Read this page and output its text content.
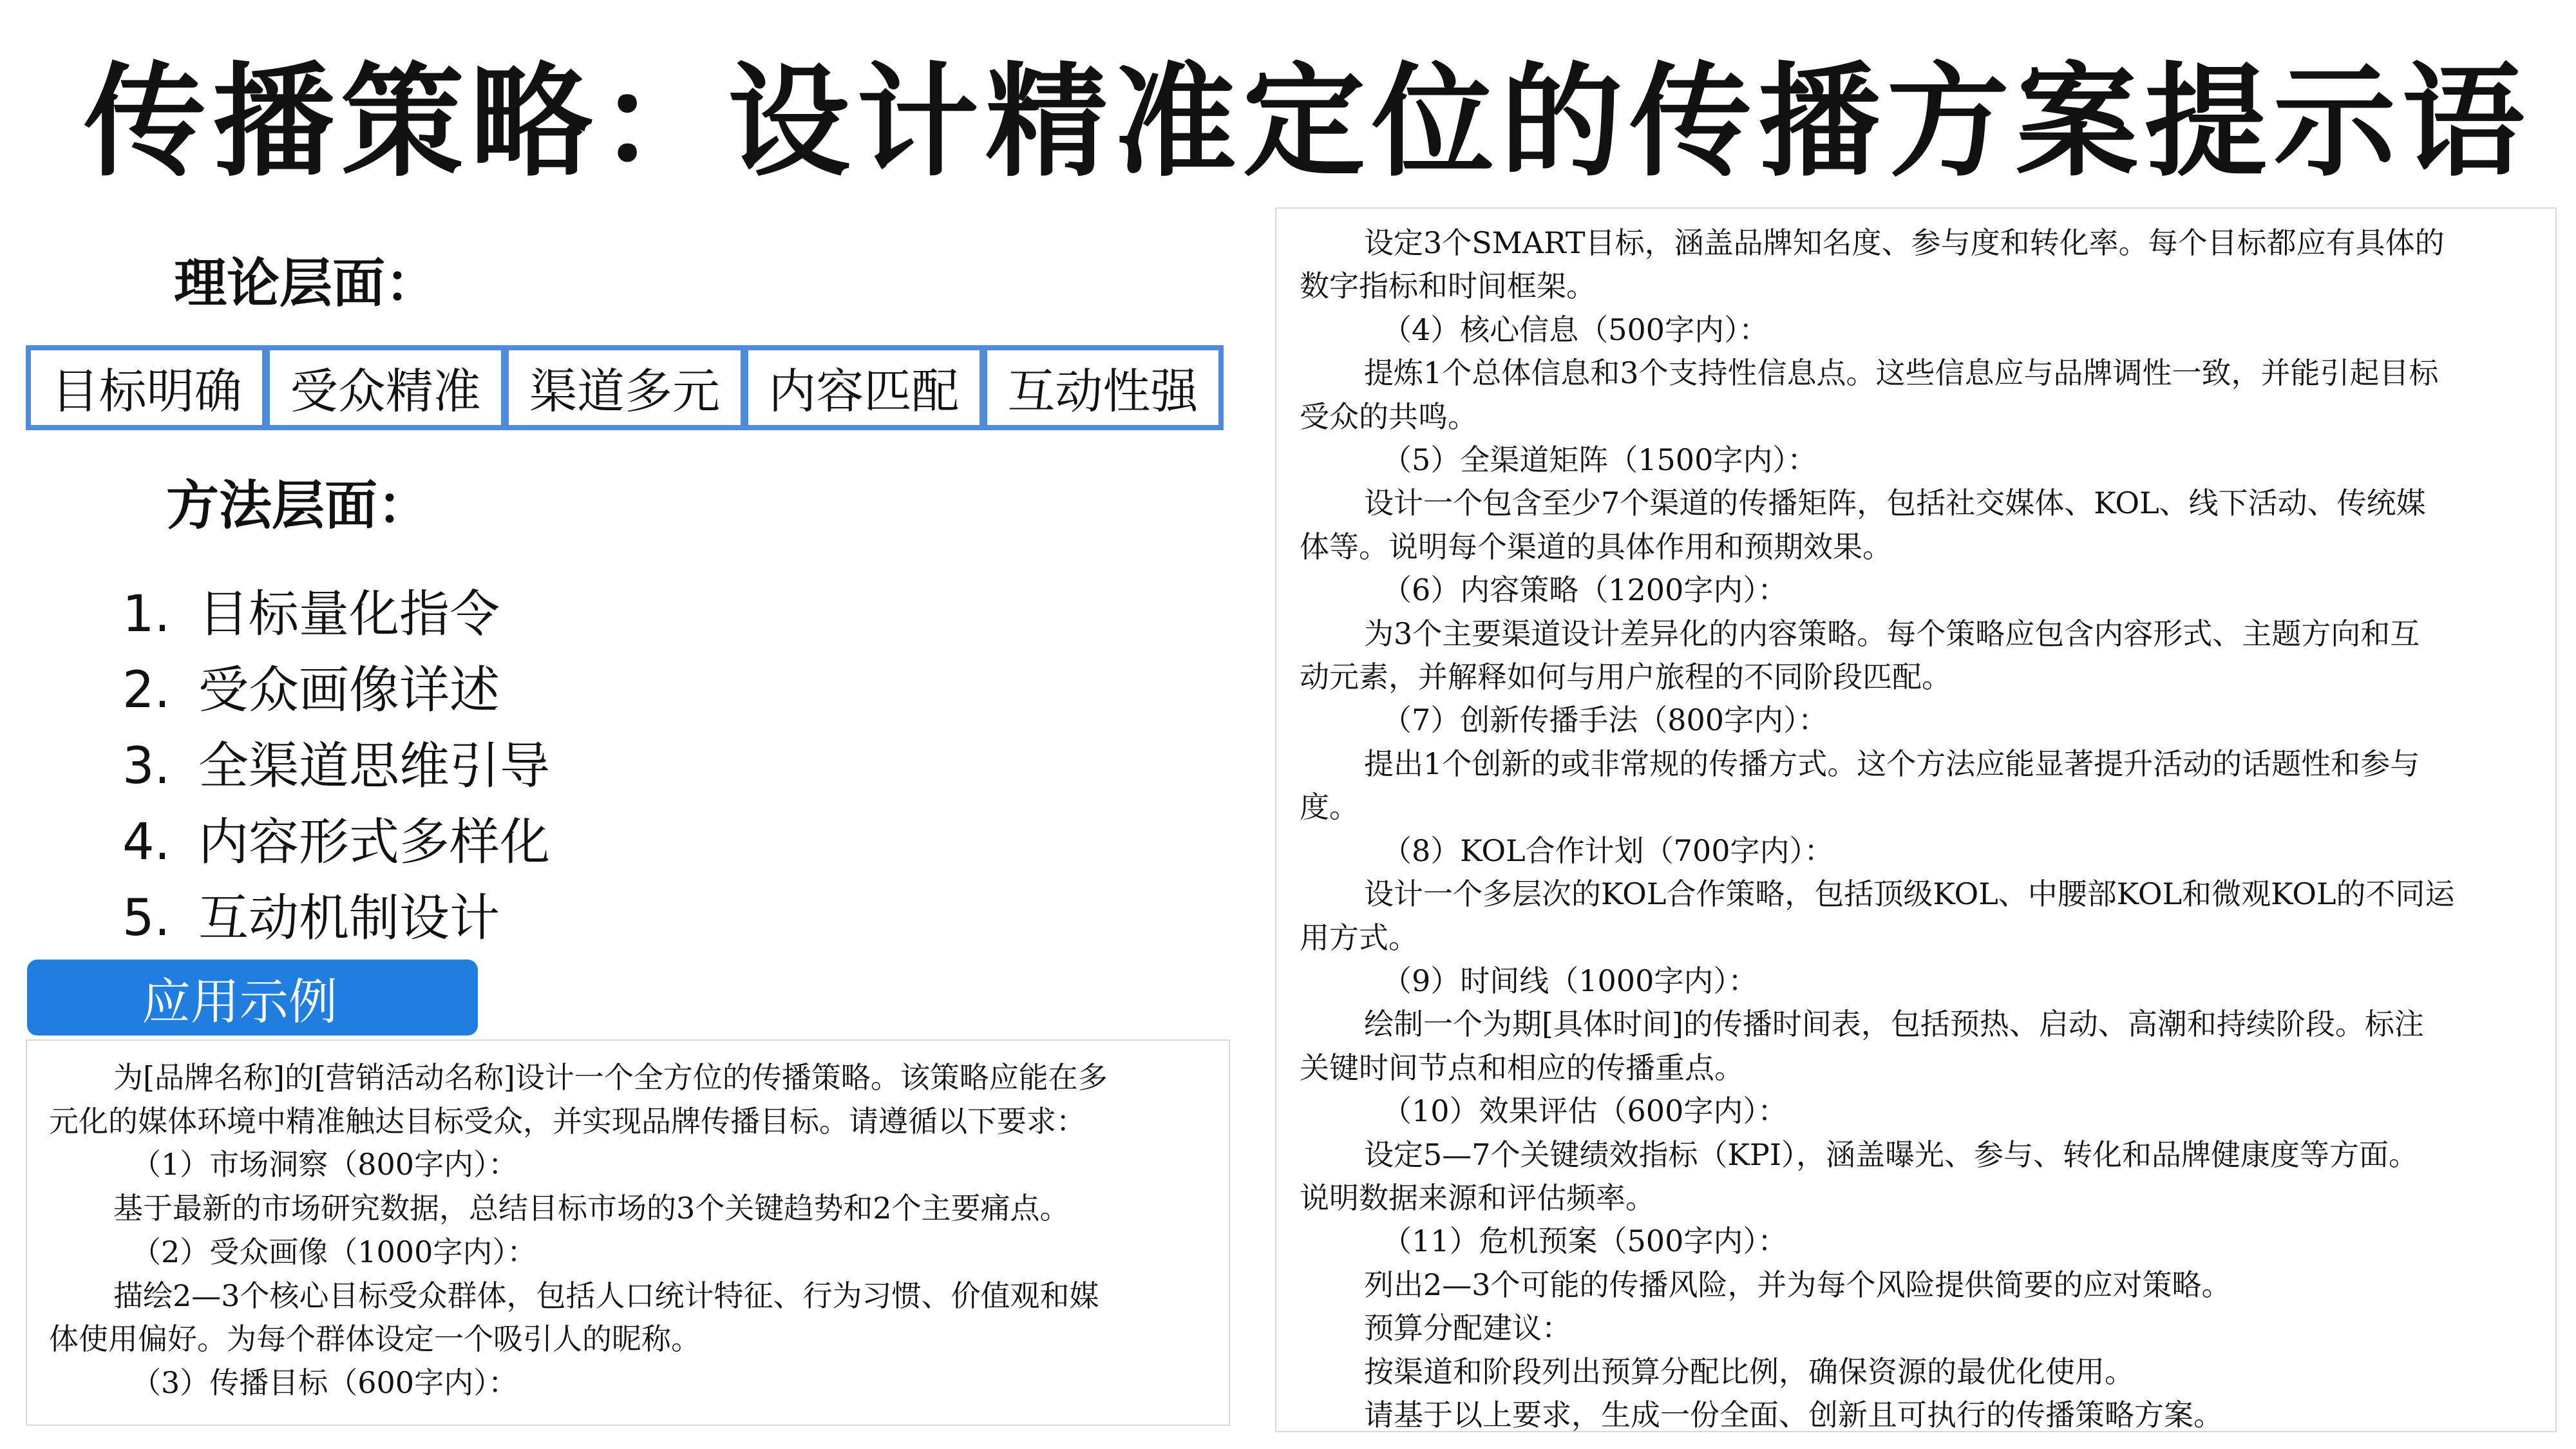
传播策略：设计精准定位的传播方案提示语
理论层面：
目标明确	受众精准	渠道多元	内容匹配	互动性强
方法层面：
1. 目标量化指令
2. 受众画像详述
3. 全渠道思维引导
4. 内容形式多样化
5. 互动机制设计
应用示例

为[品牌名称]的[营销活动名称]设计一个全方位的传播策略。该策略应能在多

元化的媒体环境中精准触达目标受众，并实现品牌传播目标。请遵循以下要求：

（1）市场洞察（800字内）：

基于最新的市场研究数据，总结目标市场的3个关键趋势和2个主要痛点。

（2）受众画像（1000字内）：

描绘2—3个核心目标受众群体，包括人口统计特征、行为习惯、价值观和媒

体使用偏好。为每个群体设定一个吸引人的昵称。

（3）传播目标（600字内）：

设定3个SMART目标，涵盖品牌知名度、参与度和转化率。每个目标都应有具体的

数字指标和时间框架。

（4）核心信息（500字内）：

提炼1个总体信息和3个支持性信息点。这些信息应与品牌调性一致，并能引起目标

受众的共鸣。

（5）全渠道矩阵（1500字内）：

设计一个包含至少7个渠道的传播矩阵，包括社交媒体、KOL、线下活动、传统媒

体等。说明每个渠道的具体作用和预期效果。

（6）内容策略（1200字内）：

为3个主要渠道设计差异化的内容策略。每个策略应包含内容形式、主题方向和互

动元素，并解释如何与用户旅程的不同阶段匹配。

（7）创新传播手法（800字内）：

提出1个创新的或非常规的传播方式。这个方法应能显著提升活动的话题性和参与

度。

（8）KOL合作计划（700字内）：

设计一个多层次的KOL合作策略，包括顶级KOL、中腰部KOL和微观KOL的不同运

用方式。

（9）时间线（1000字内）：

绘制一个为期[具体时间]的传播时间表，包括预热、启动、高潮和持续阶段。标注

关键时间节点和相应的传播重点。

（10）效果评估（600字内）：

设定5—7个关键绩效指标（KPI），涵盖曝光、参与、转化和品牌健康度等方面。

说明数据来源和评估频率。

（11）危机预案（500字内）：

列出2—3个可能的传播风险，并为每个风险提供简要的应对策略。

预算分配建议：

按渠道和阶段列出预算分配比例，确保资源的最优化使用。

请基于以上要求，生成一份全面、创新且可执行的传播策略方案。
